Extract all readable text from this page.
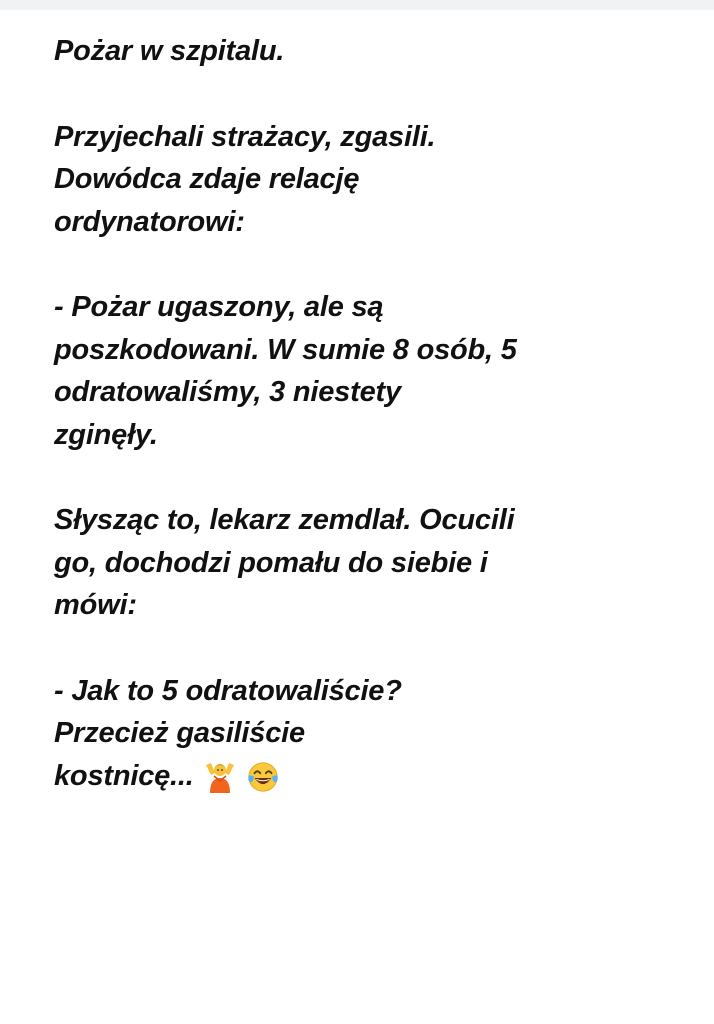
Pożar w szpitalu.

Przyjechali strażacy, zgasili.
Dowódca zdaje relację
ordynatorowi:

- Pożar ugaszony, ale są
poszkodowani. W sumie 8 osób, 5
odratowaliśmy, 3 niestety
zginęły.

Słysząc to, lekarz zemdlał. Ocucili
go, dochodzi pomału do siebie i
mówi:

- Jak to 5 odratowaliście?
Przecież gasiliście
kostnicę...
